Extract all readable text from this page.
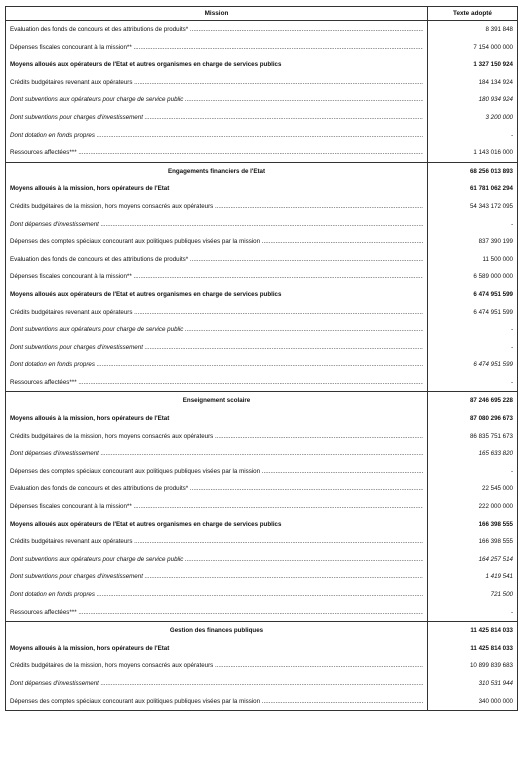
Mission	Texte adopté

Evaluation des fonds de concours et des attributions de produits* .....	8 391 848

Dépenses fiscales concourant à la mission** .....	7 154 000 000

Moyens alloués aux opérateurs de l'Etat et autres organismes en charge de services publics	1 327 150 924

Crédits budgétaires revenant aux opérateurs .....	184 134 924

Dont subventions aux opérateurs pour charge de service public .....	180 934 924

Dont subventions pour charges d'investissement .....	3 200 000

Dont dotation en fonds propres .....	-

Ressources affectées*** .....	1 143 016 000

Engagements financiers de l'Etat	68 256 013 893

Moyens alloués à la mission, hors opérateurs de l'Etat	61 781 062 294

Crédits budgétaires de la mission, hors moyens consacrés aux opérateurs .....	54 343 172 095

Dont dépenses d'investissement .....	-

Dépenses des comptes spéciaux concourant aux politiques publiques visées par la mission .....	837 390 199

Evaluation des fonds de concours et des attributions de produits* .....	11 500 000

Dépenses fiscales concourant à la mission** .....	6 589 000 000

Moyens alloués aux opérateurs de l'Etat et autres organismes en charge de services publics	6 474 951 599

Crédits budgétaires revenant aux opérateurs .....	6 474 951 599

Dont subventions aux opérateurs pour charge de service public .....	-

Dont subventions pour charges d'investissement .....	-

Dont dotation en fonds propres .....	6 474 951 599

Ressources affectées*** .....	-

Enseignement scolaire	87 246 695 228

Moyens alloués à la mission, hors opérateurs de l'Etat	87 080 296 673

Crédits budgétaires de la mission, hors moyens consacrés aux opérateurs .....	86 835 751 673

Dont dépenses d'investissement .....	165 633 820

Dépenses des comptes spéciaux concourant aux politiques publiques visées par la mission .....	-

Evaluation des fonds de concours et des attributions de produits* .....	22 545 000

Dépenses fiscales concourant à la mission** .....	222 000 000

Moyens alloués aux opérateurs de l'Etat et autres organismes en charge de services publics	166 398 555

Crédits budgétaires revenant aux opérateurs .....	166 398 555

Dont subventions aux opérateurs pour charge de service public .....	164 257 514

Dont subventions pour charges d'investissement .....	1 419 541

Dont dotation en fonds propres .....	721 500

Ressources affectées*** .....	-

Gestion des finances publiques	11 425 814 033

Moyens alloués à la mission, hors opérateurs de l'Etat	11 425 814 033

Crédits budgétaires de la mission, hors moyens consacrés aux opérateurs .....	10 899 839 683

Dont dépenses d'investissement .....	310 531 944

Dépenses des comptes spéciaux concourant aux politiques publiques visées par la mission .....	340 000 000
